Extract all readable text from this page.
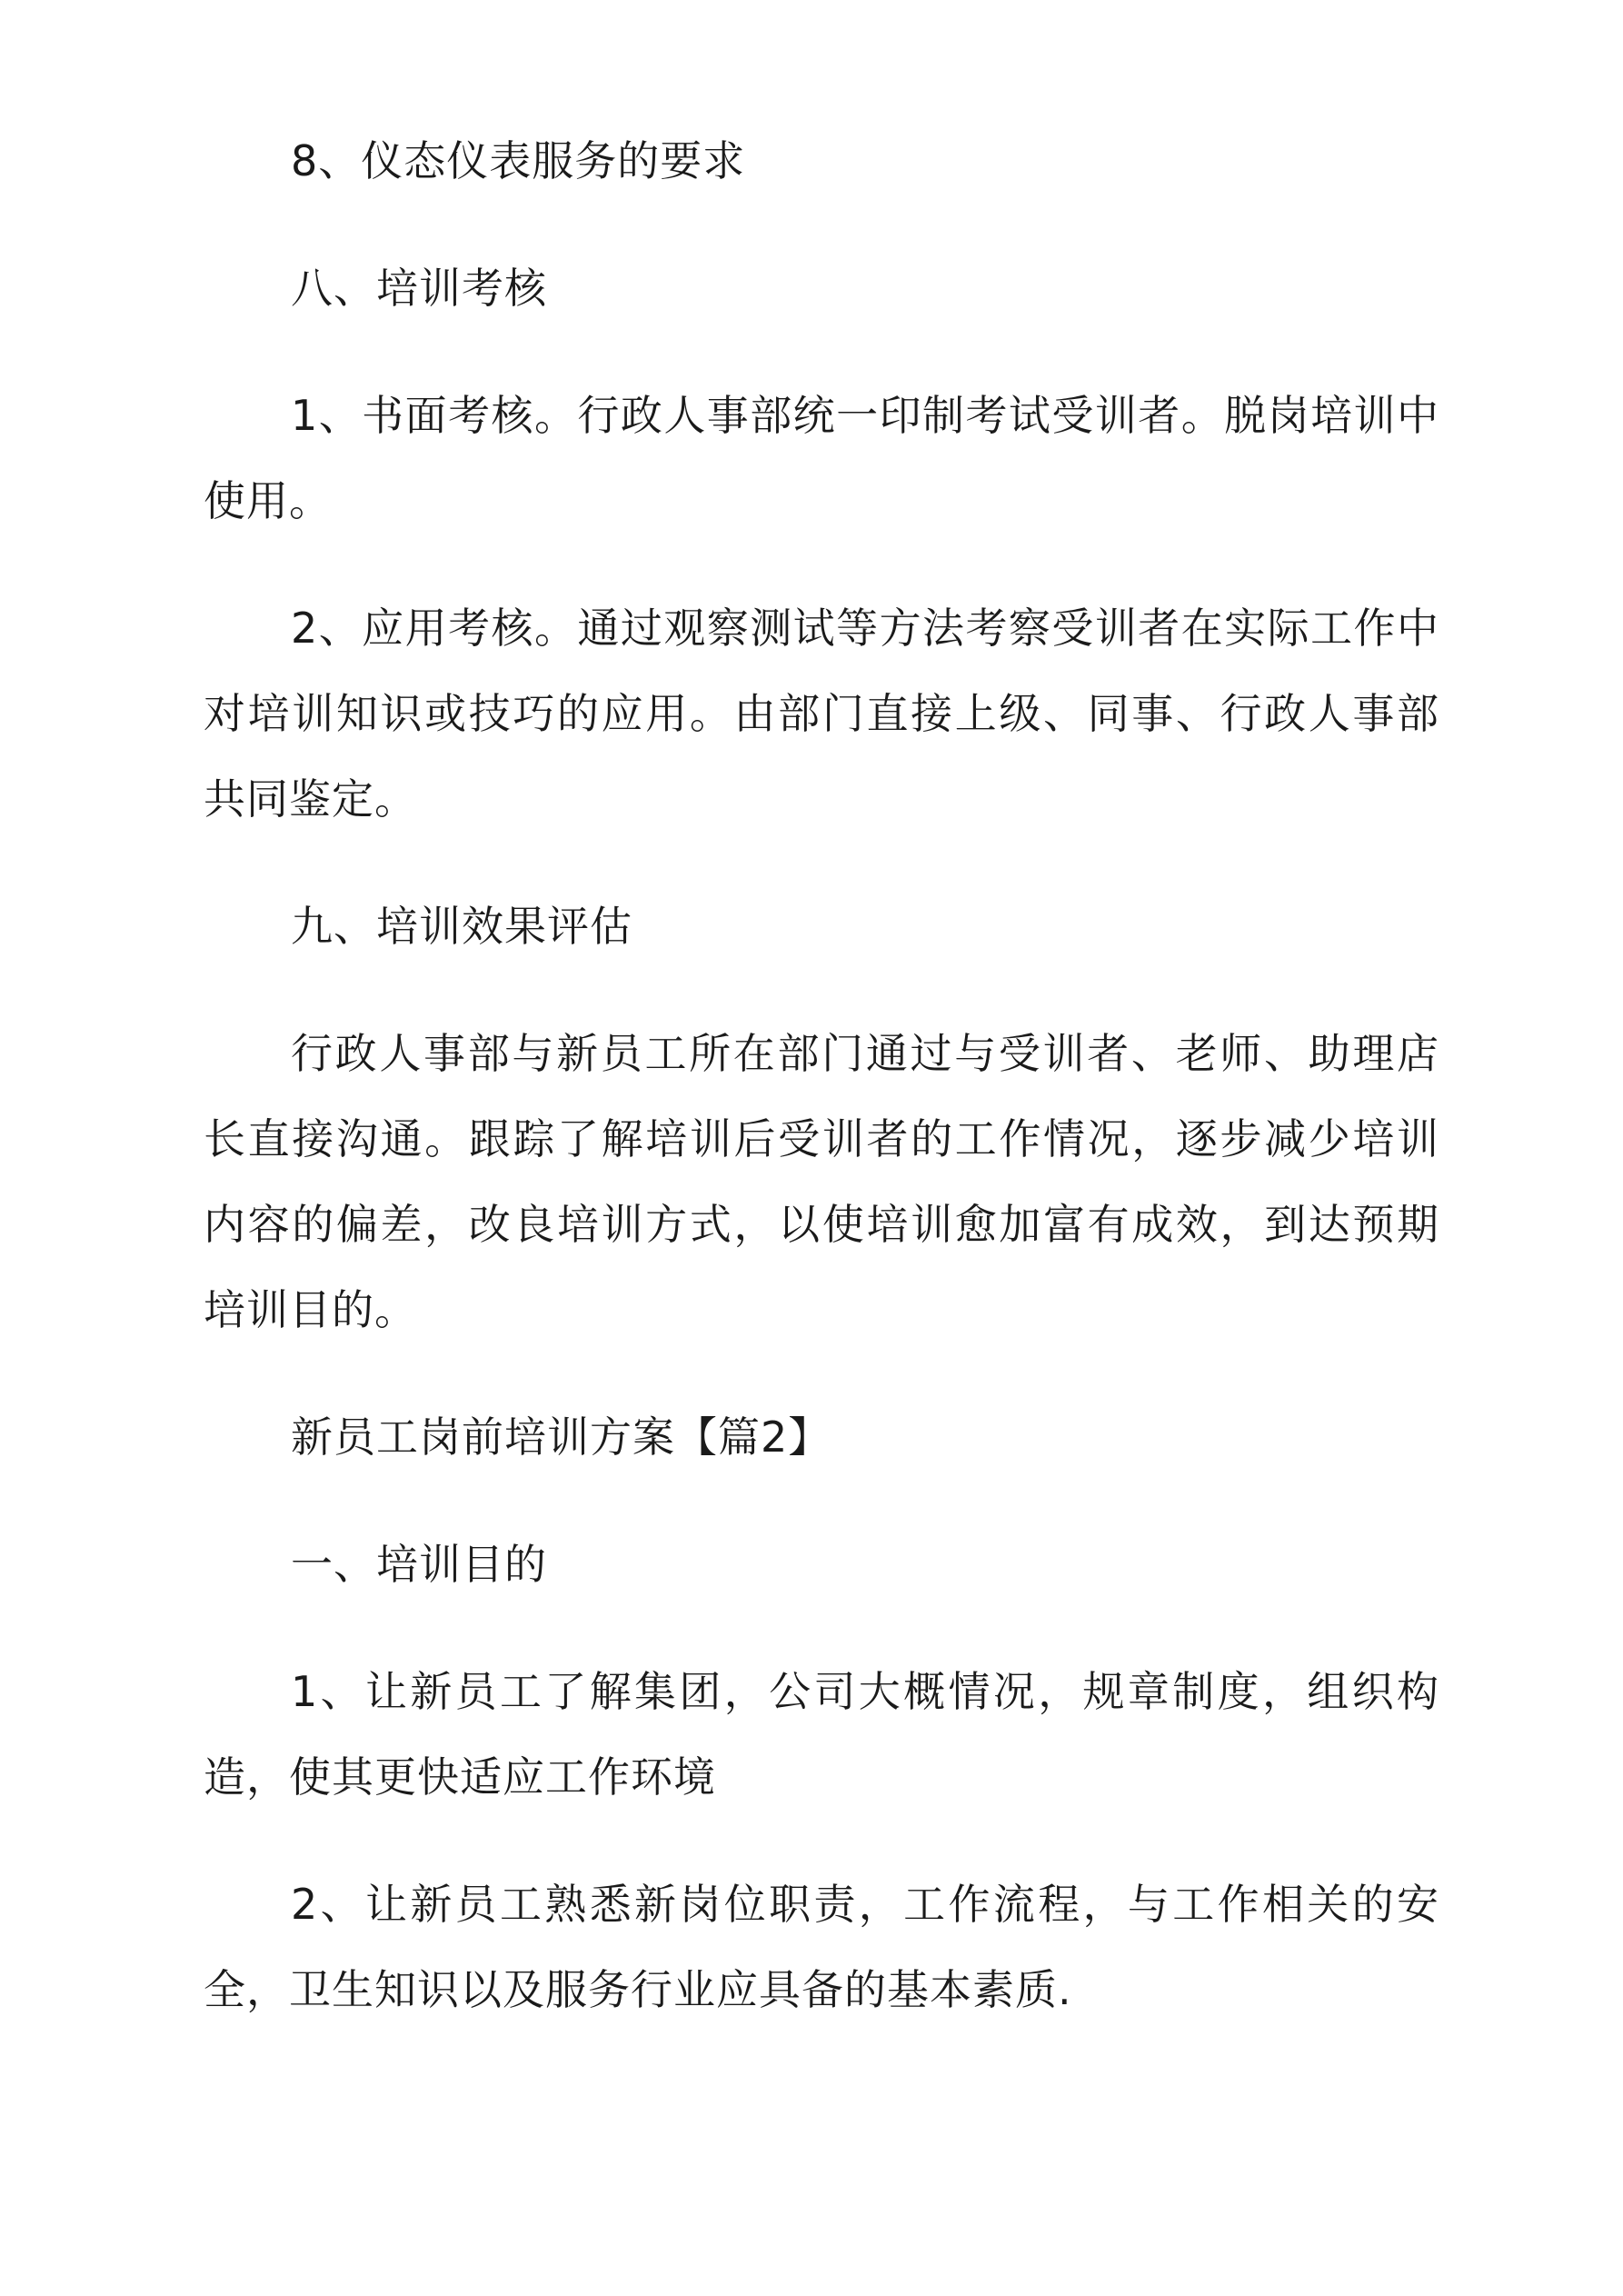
8、仪态仪表服务的要求

八、培训考核

1、书面考核。行政人事部统一印制考试受训者。脱岗培训中使用。

2、应用考核。通过观察测试等方法考察受训者在实际工作中对培训知识或技巧的应用。由部门直接上级、同事、行政人事部共同鉴定。

九、培训效果评估

行政人事部与新员工所在部门通过与受训者、老师、助理店长直接沟通。跟踪了解培训后受训者的工作情况，逐步减少培训内容的偏差，改良培训方式，以使培训愈加富有成效，到达预期培训目的。

新员工岗前培训方案【篇2】

一、培训目的

1、让新员工了解集团，公司大概情况，规章制度，组织构造，使其更快适应工作环境

2、让新员工熟悉新岗位职责，工作流程，与工作相关的安全，卫生知识以及服务行业应具备的基本素质.
